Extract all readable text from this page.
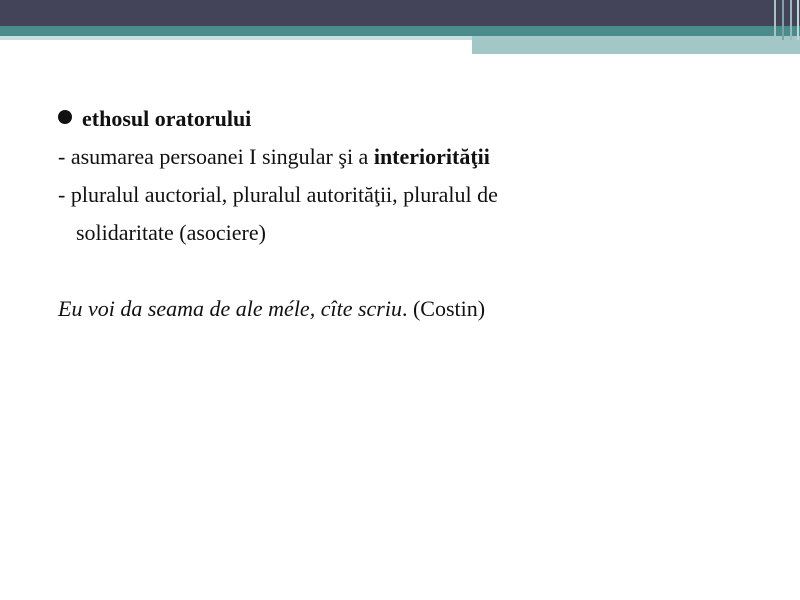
ethosul oratorului
- asumarea persoanei I singular şi a interiorităţii
- pluralul auctorial, pluralul autorităţii, pluralul de
solidaritate (asociere)
Eu voi da seama de ale méle, cîte scriu. (Costin)
